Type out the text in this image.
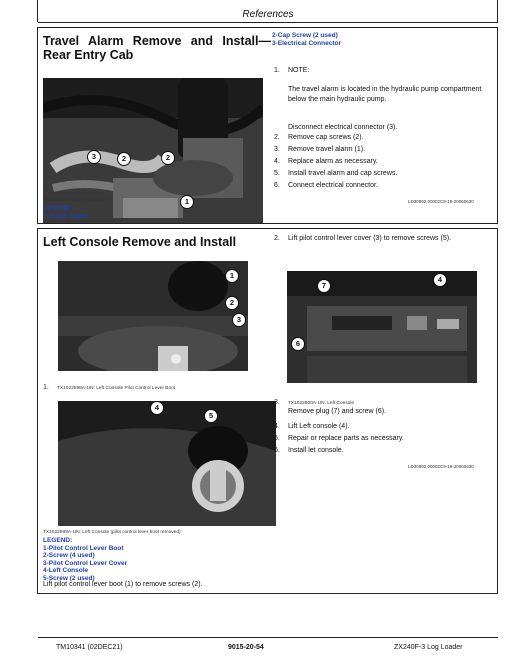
References
Travel Alarm Remove and Install—Rear Entry Cab
2-Cap Screw (2 used)
3-Electrical Connector
3	2	2
1
1. NOTE:
The travel alarm is located in the hydraulic pump compartment below the main hydraulic pump.
Disconnect electrical connector (3).
2. Remove cap screws (2).
3. Remove travel alarm (1).
4. Replace alarm as necessary.
5. Install travel alarm and cap screws.
6. Connect electrical connector.
TX1041897A-UN: Travel Alarm	LD30992,00002C8-19-20060630
LEGEND:
1-Travel Alarm
Left Console Remove and Install	2. Lift pilot control lever cover (3) to remove screws (5).
1
2
3
1. TX1022598A-UN: Left Console Pilot Control Lever Boot
4
5
TX1022599A-UN: Left Console (pilot control lever boot removed)
LEGEND:
1-Pilot Control Lever Boot
2-Screw (4 used)
3-Pilot Control Lever Cover
4-Left Console
5-Screw (2 used)
Lift pilot control lever boot (1) to remove screws (2).
7
4
6
3. TX1022600A-UN: Left Console
Remove plug (7) and screw (6).
4. Lift Left console (4).
5. Repair or replace parts as necessary.
6. Install let console.
LD30992,00002C9-19-20060630
TM10341 (02DEC21)	9015-20-54	ZX240F-3 Log Loader
